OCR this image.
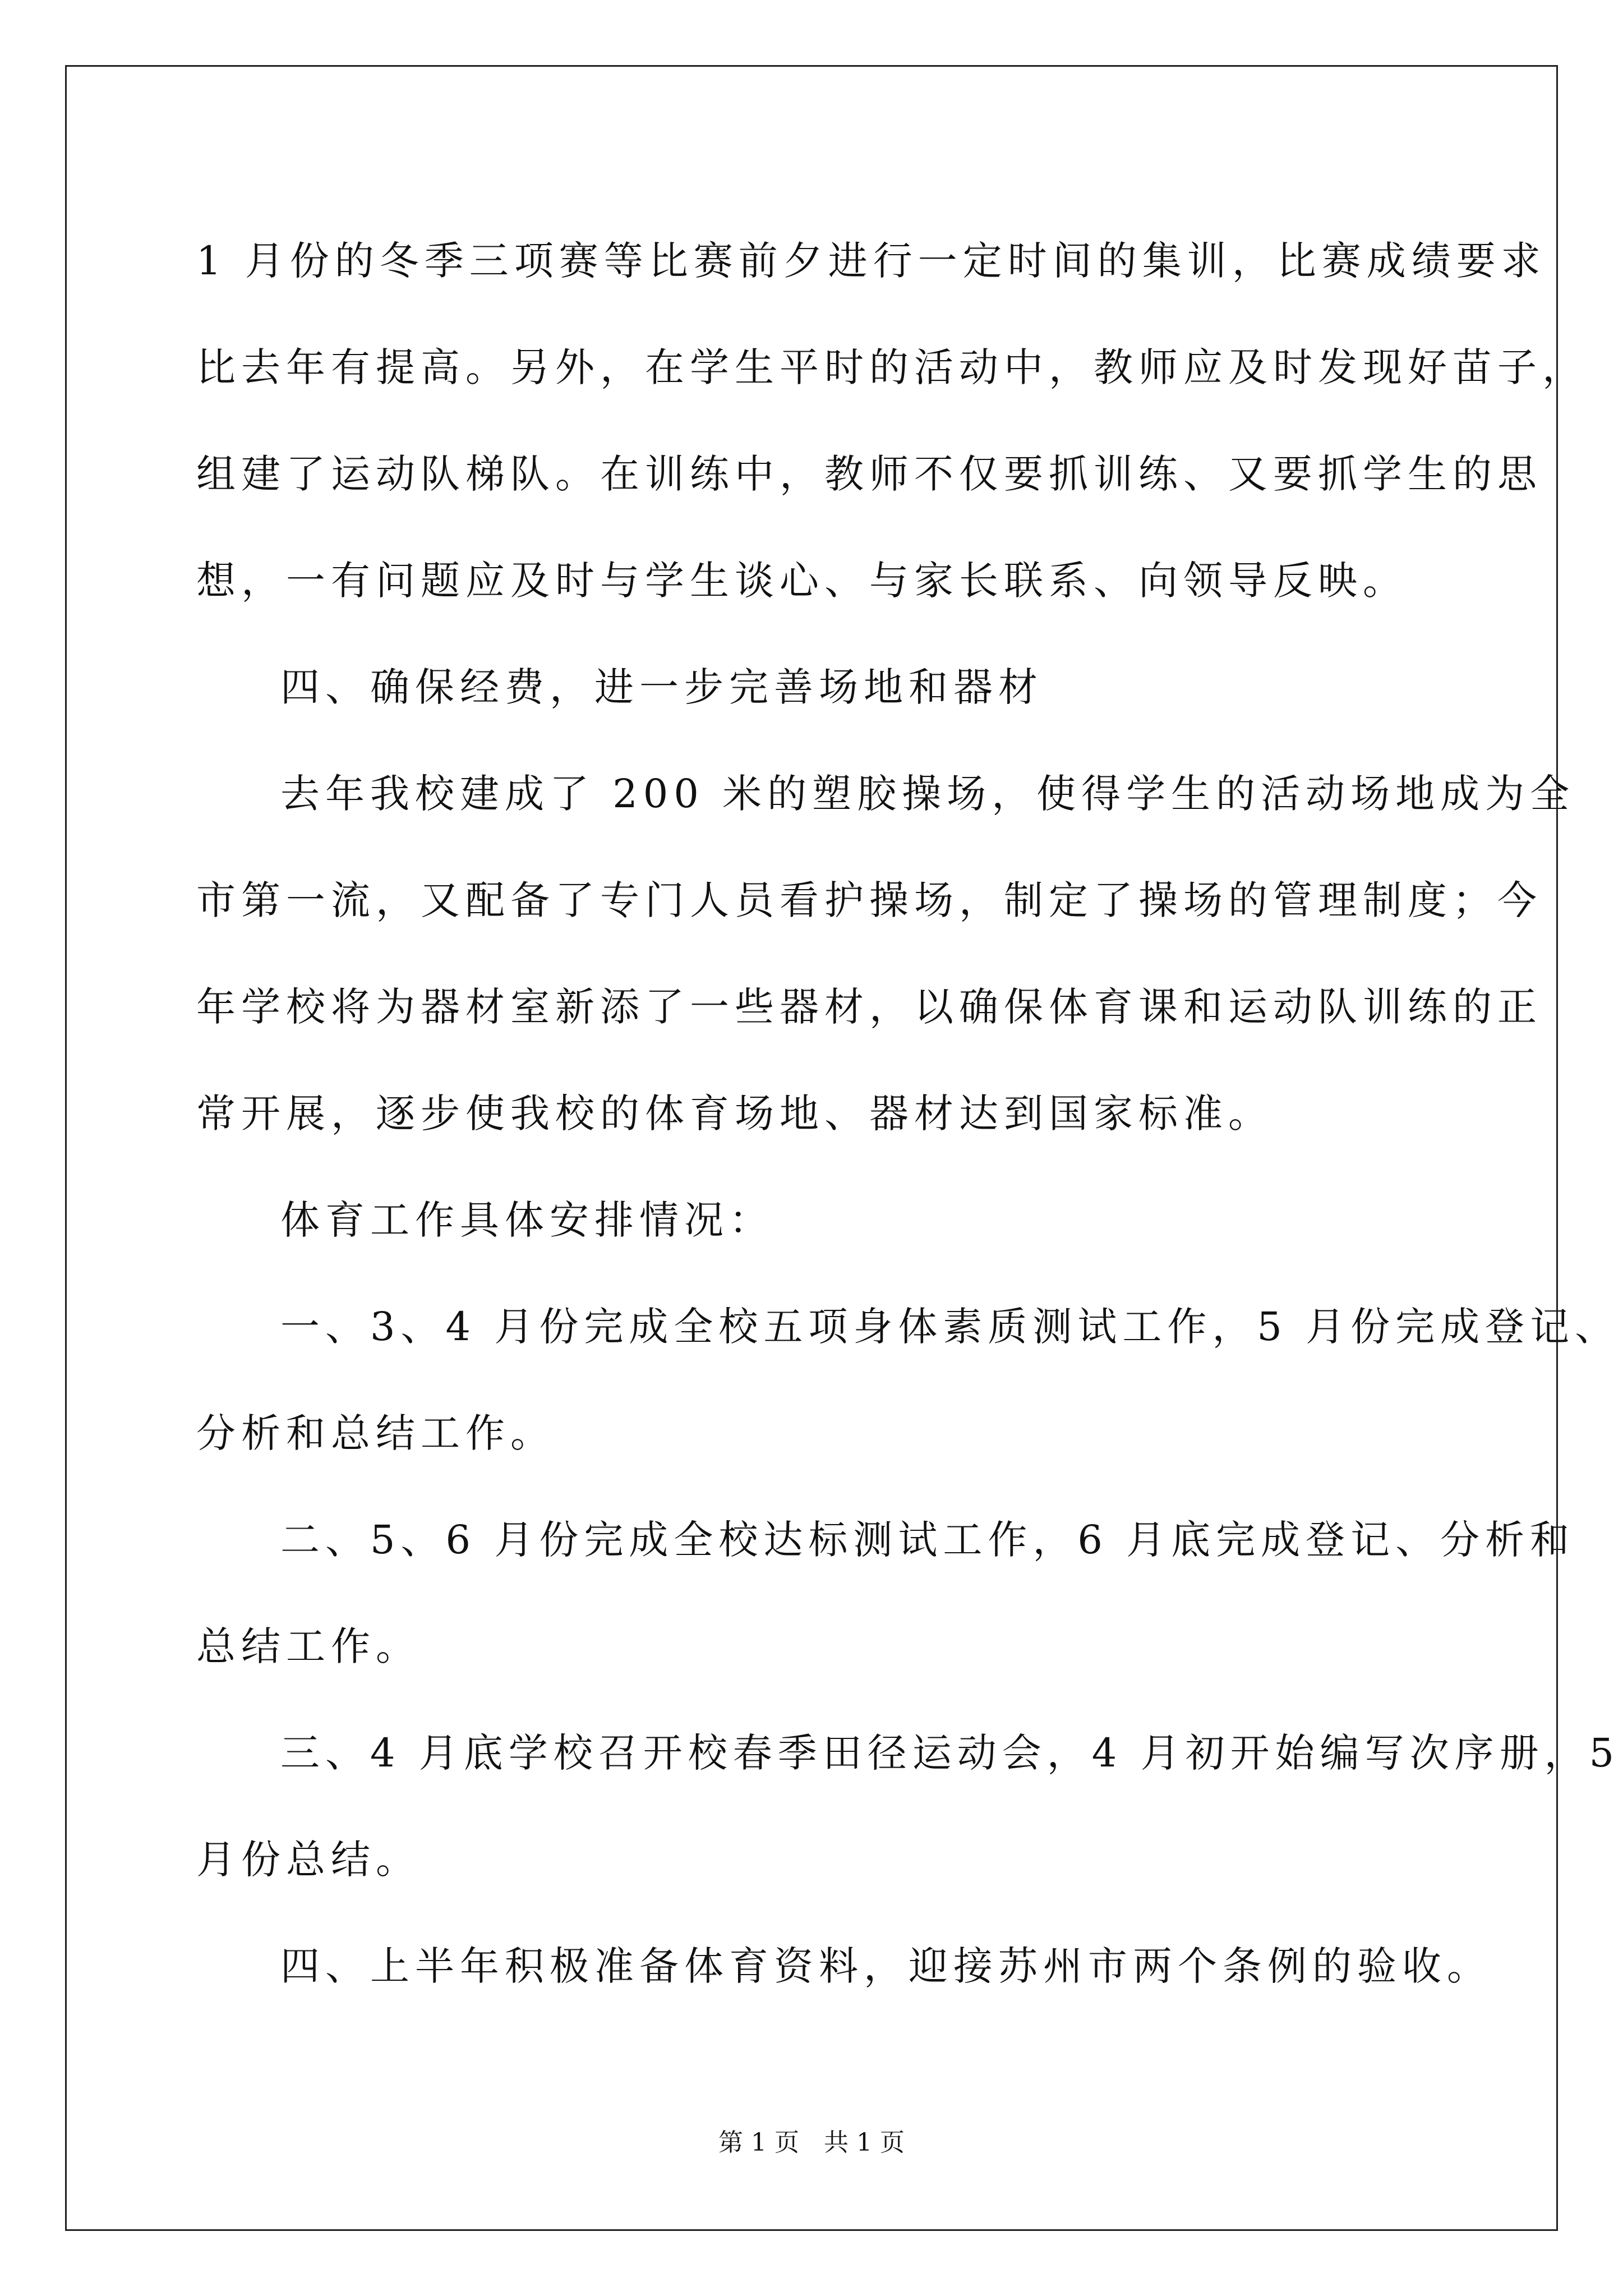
1 月份的冬季三项赛等比赛前夕进行一定时间的集训，比赛成绩要求

比去年有提高。另外，在学生平时的活动中，教师应及时发现好苗子，

组建了运动队梯队。在训练中，教师不仅要抓训练、又要抓学生的思

想，一有问题应及时与学生谈心、与家长联系、向领导反映。

四、确保经费，进一步完善场地和器材

去年我校建成了 200 米的塑胶操场，使得学生的活动场地成为全

市第一流，又配备了专门人员看护操场，制定了操场的管理制度；今

年学校将为器材室新添了一些器材，以确保体育课和运动队训练的正

常开展，逐步使我校的体育场地、器材达到国家标准。

体育工作具体安排情况：

一、3、4 月份完成全校五项身体素质测试工作，5 月份完成登记、

分析和总结工作。

二、5、6 月份完成全校达标测试工作，6 月底完成登记、分析和

总结工作。

三、4 月底学校召开校春季田径运动会，4 月初开始编写次序册，5

月份总结。

四、上半年积极准备体育资料，迎接苏州市两个条例的验收。

第 1 页　共 1 页
